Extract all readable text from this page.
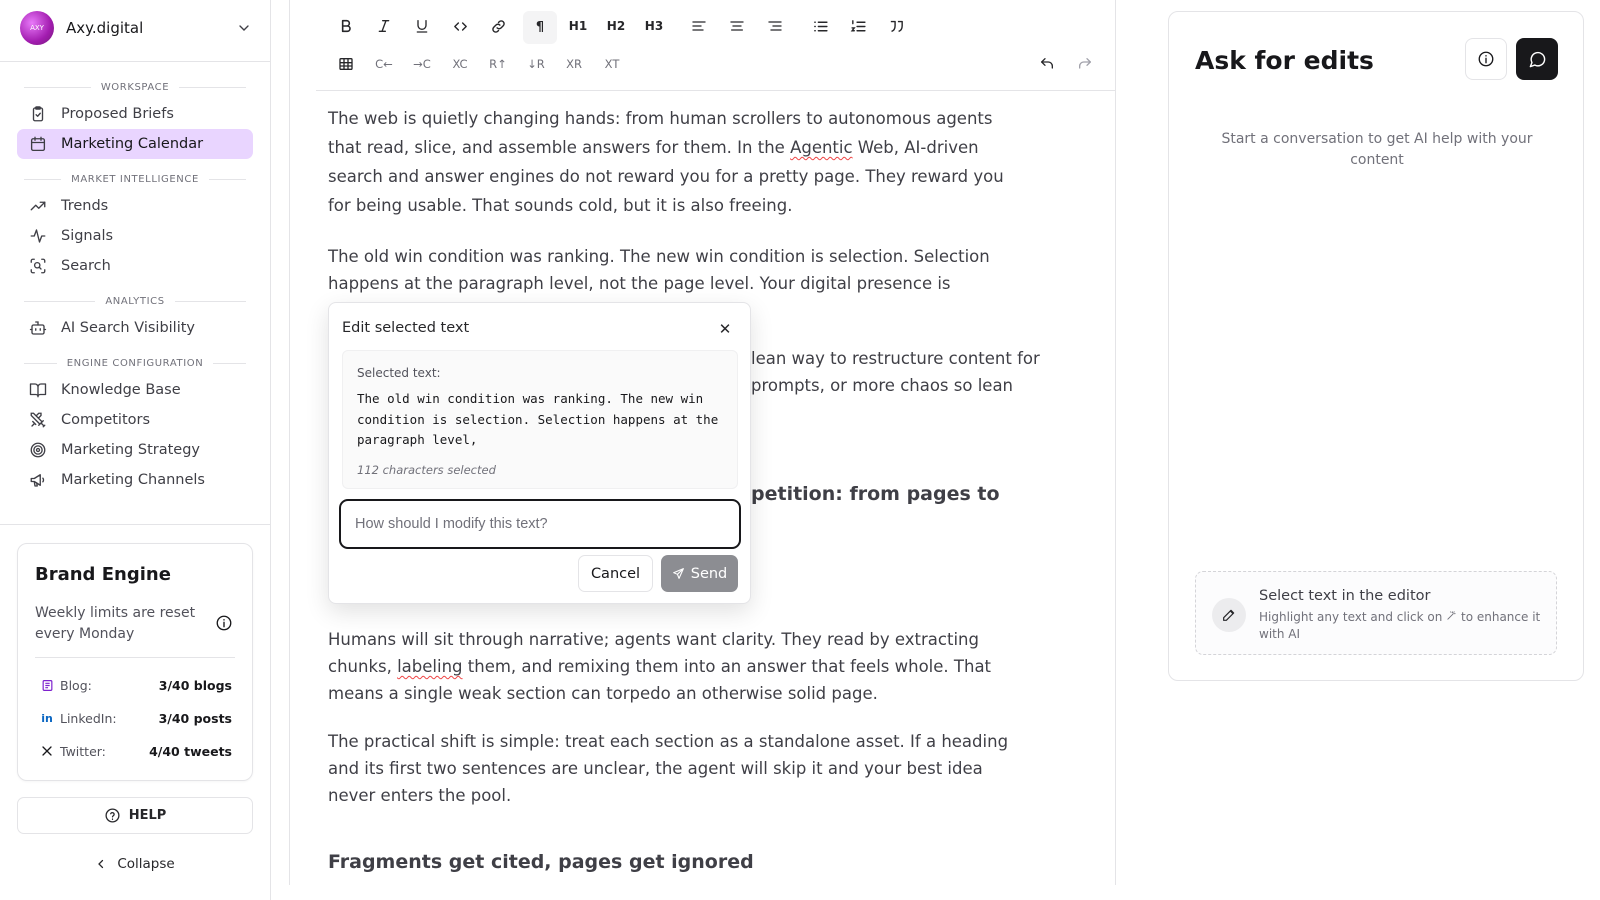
AXY	Axy.digital
WORKSPACE
Proposed Briefs
Marketing Calendar
MARKET INTELLIGENCE
Trends
Signals
Search
ANALYTICS
AI Search Visibility
ENGINE CONFIGURATION
Knowledge Base
Competitors
Marketing Strategy
Marketing Channels
Brand Engine
Weekly limits are reset every Monday
Blog:	3/40 blogs
in LinkedIn:	3/40 posts
Twitter:	4/40 tweets
HELP
Collapse
¶ H1 H2 H3
C← →C XC R↑ ↓R XR XT

The web is quietly changing hands: from human scrollers to autonomous agents that read, slice, and assemble answers for them. In the Agentic Web, AI-driven search and answer engines do not reward you for a pretty page. They reward you for being usable. That sounds cold, but it is also freeing.

The old win condition was ranking. The new win condition is selection. Selection happens at the paragraph level, not the page level. Your digital presence is

lean way to restructure content for
prompts, or more chaos so lean

petition: from pages to

Humans will sit through narrative; agents want clarity. They read by extracting chunks, labeling them, and remixing them into an answer that feels whole. That means a single weak section can torpedo an otherwise solid page.

The practical shift is simple: treat each section as a standalone asset. If a heading and its first two sentences are unclear, the agent will skip it and your best idea never enters the pool.

Fragments get cited, pages get ignored
Edit selected text	✕
Selected text:
The old win condition was ranking. The new win condition is selection. Selection happens at the paragraph level,
112 characters selected
How should I modify this text?
Cancel	Send
Ask for edits
Start a conversation to get AI help with your content
Select text in the editor
Highlight any text and click on to enhance it with AI
